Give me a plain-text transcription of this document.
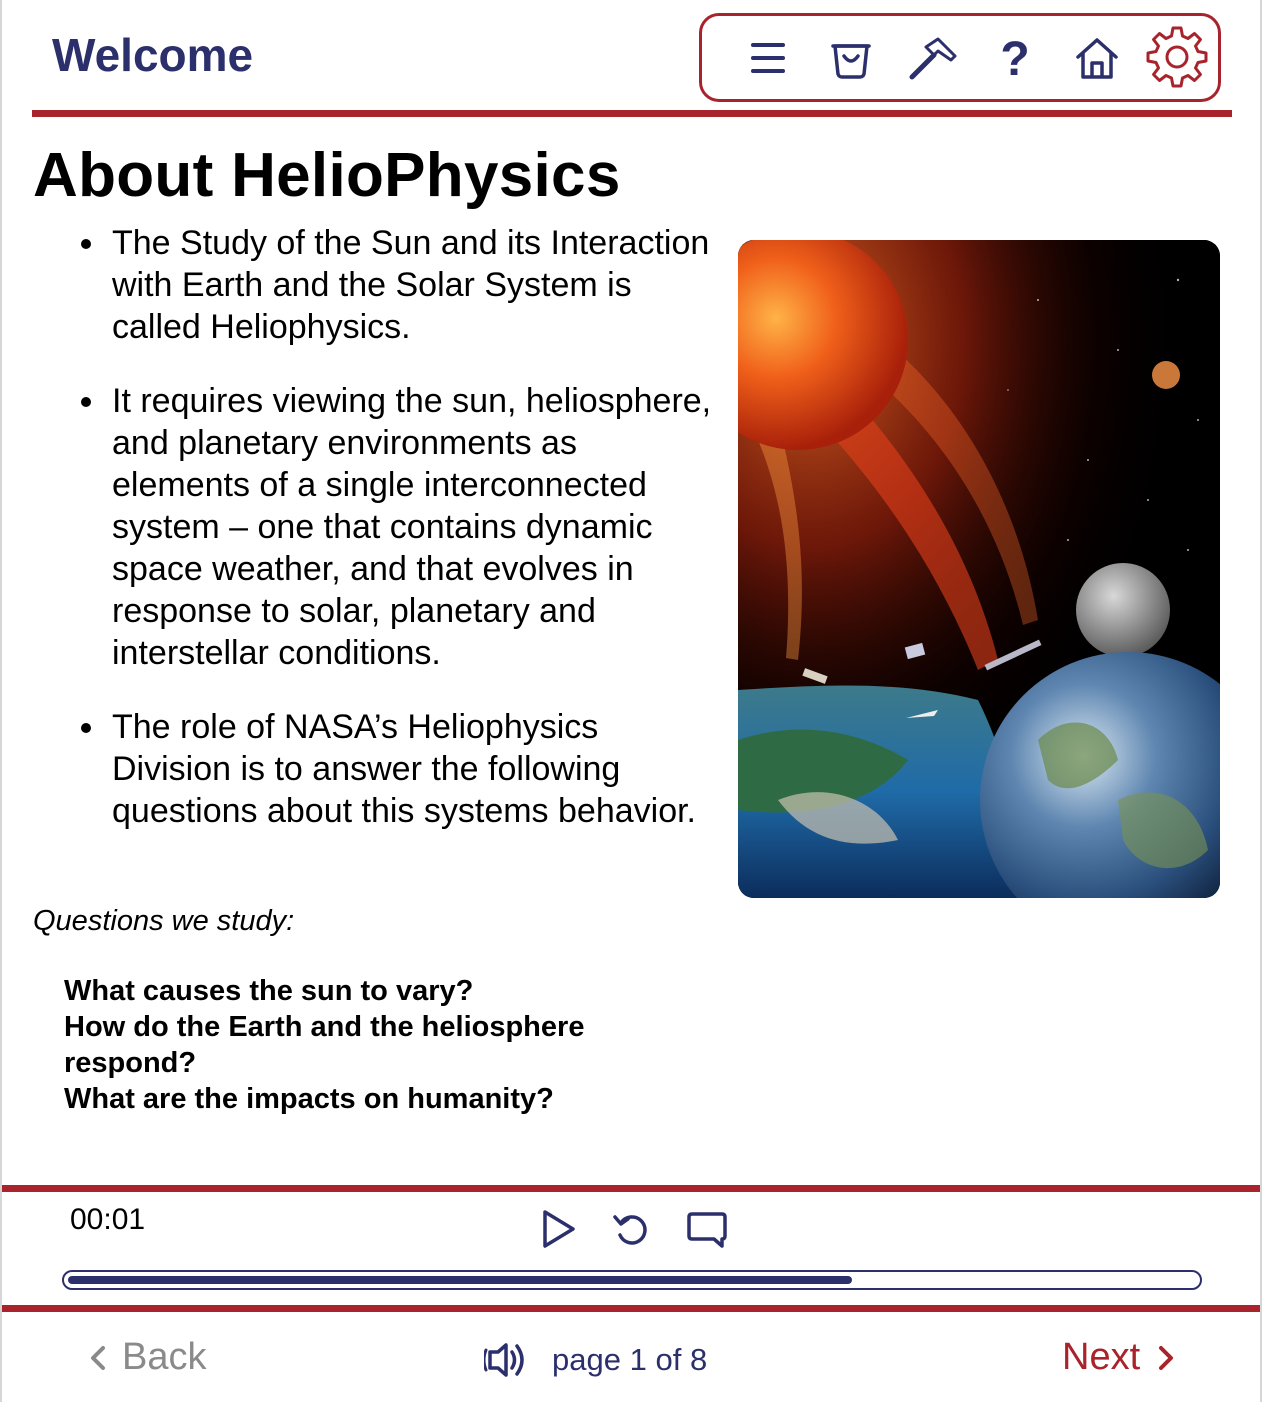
Welcome	?
About HelioPhysics
The Study of the Sun and its Interaction with Earth and the Solar System is called Heliophysics.
It requires viewing the sun, heliosphere, and planetary environments as elements of a single interconnected system – one that contains dynamic space weather, and that evolves in response to solar, planetary and interstellar conditions.
The role of NASA’s Heliophysics Division is to answer the following questions about this systems behavior.
Questions we study:
What causes the sun to vary?
How do the Earth and the heliosphere respond?
What are the impacts on humanity?
00:01
Back	page 1 of 8	Next
